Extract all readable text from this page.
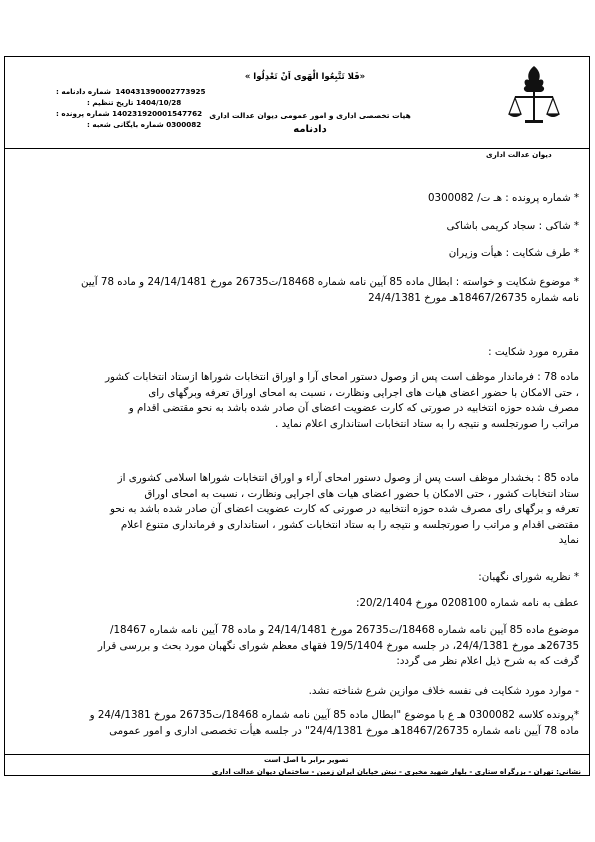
دیوان عدالت اداری
«فَلا تَتَّبِعُوا الْهَوى اَنْ تَعْدِلُوا »
هیات تخصصی اداری و امور عمومی دیوان عدالت اداری
دادنامه
140431390002773925 شماره دادنامه :
1404/10/28 تاریخ تنظیم :
140231920001547762 شماره پرونده :
0300082 شماره بایگانی شعبه :
* شماره پرونده : هـ ت/ 0300082
* شاکی : سجاد کریمی باشاکی
* طرف شکایت : هیأت وزیران
* موضوع شکایت و خواسته : ابطال ماده 85 آیین نامه شماره 18468/ت26735 مورخ 24/14/1481 و ماده 78 آیین
نامه شماره 18467/26735هـ مورخ 24/4/1381
مقرره مورد شکایت :
ماده 78 : فرماندار موظف است پس از وصول دستور امحای آرا و اوراق انتخابات شوراها ازستاد انتخابات کشور
، حتی الامکان با حضور اعضای هیات های اجرایی ونظارت ، نسبت به امحای اوراق تعرفه وبرگهای رای
مصرف شده حوزه انتخابیه در صورتی که کارت عضویت اعضای آن صادر شده باشد به نحو مقتضی اقدام و
مراتب را صورتجلسه و نتیجه را به ستاد انتخابات استانداری اعلام نماید .
ماده 85 : بخشدار موظف است پس از وصول دستور امحای آراء و اوراق انتخابات شوراها اسلامی کشوری از
ستاد انتخابات کشور ، حتی الامکان با حضور اعضای هیات های اجرایی ونظارت ، نسبت به امحای اوراق
تعرفه و برگهای رای مصرف شده حوزه انتخابیه در صورتی که کارت عضویت اعضای آن صادر شده باشد به نحو
مقتضی اقدام و مراتب را صورتجلسه و نتیجه را به ستاد انتخابات کشور ، استانداری و فرمانداری متنوع اعلام
نماید
* نظریه شورای نگهبان:
عطف به نامه شماره 0208100 مورخ 20/2/1404:
موضوع ماده 85 آیین نامه شماره 18468/ت26735 مورخ 24/14/1481 و ماده 78 آیین نامه شماره 18467/
26735هـ مورخ 24/4/1381، در جلسه مورخ 19/5/1404 فقهای معظم شورای نگهبان مورد بحث و بررسی قرار
گرفت که به شرح ذیل اعلام نظر می گردد:
- موارد مورد شکایت فی نفسه خلاف موازین شرع شناخته نشد.
*پرونده کلاسه 0300082 هـ ع با موضوع "ابطال ماده 85 آیین نامه شماره 18468/ت26735 مورخ 24/4/1381 و
ماده 78 آیین نامه شماره 18467/26735هـ مورخ 24/4/1381" در جلسه هیأت تخصصی اداری و امور عمومی
تصویر برابر با اصل است
نشانی: تهران - بزرگراه ستاری - بلوار شهید مخبری - نبش خیابان ایران زمین - ساختمان دیوان عدالت اداری
